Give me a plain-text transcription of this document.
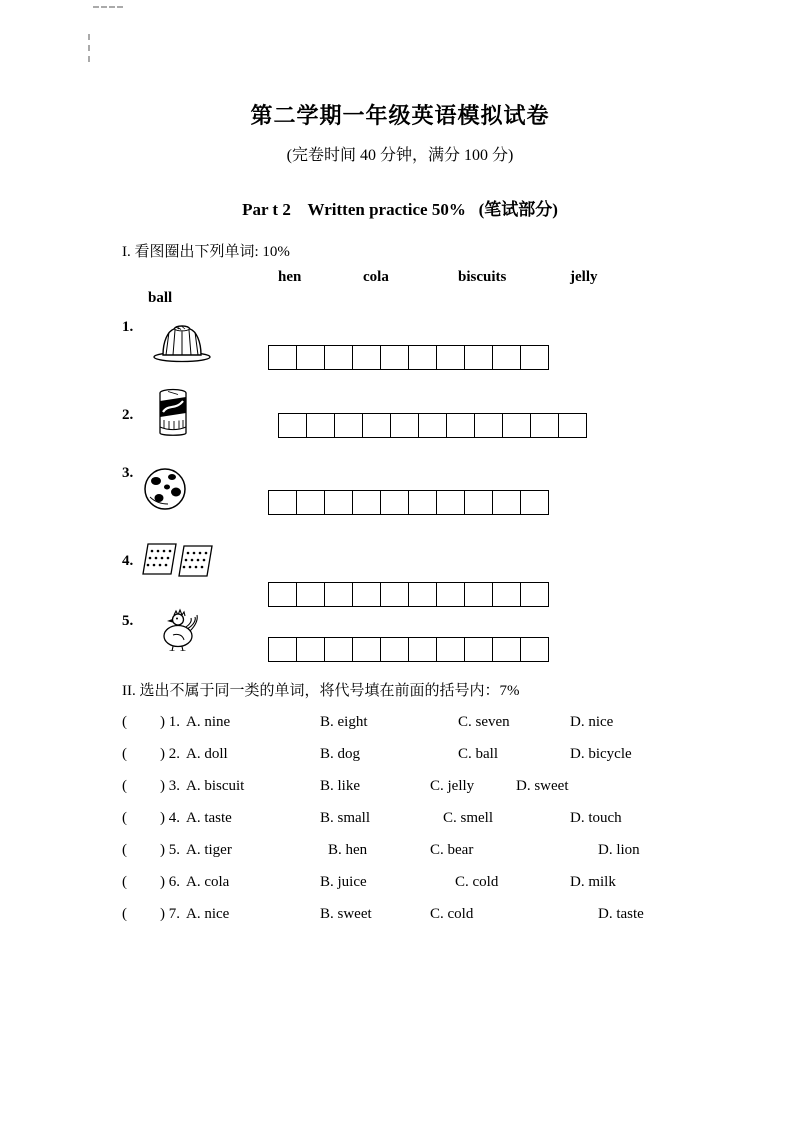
第二学期一年级英语模拟试卷
(完卷时间 40 分钟，满分 100 分)
Par t 2    Written practice 50%   (笔试部分)
I. 看图圈出下列单词: 10%
hen	cola	biscuits	jelly
ball
1.
2.
3.
4.
5.
II. 选出不属于同一类的单词，将代号填在前面的括号内：7%
( ) 1. A. nine	B. eight	C. seven	D. nice
( ) 2. A. doll	B. dog	C. ball	D. bicycle
( ) 3. A. biscuit	B. like	C. jelly	D. sweet
( ) 4. A. taste	B. small	C. smell	D. touch
( ) 5. A. tiger	B. hen	C. bear	D. lion
( ) 6. A. cola	B. juice	C. cold	D. milk
( ) 7. A. nice	B. sweet	C. cold	D. taste
